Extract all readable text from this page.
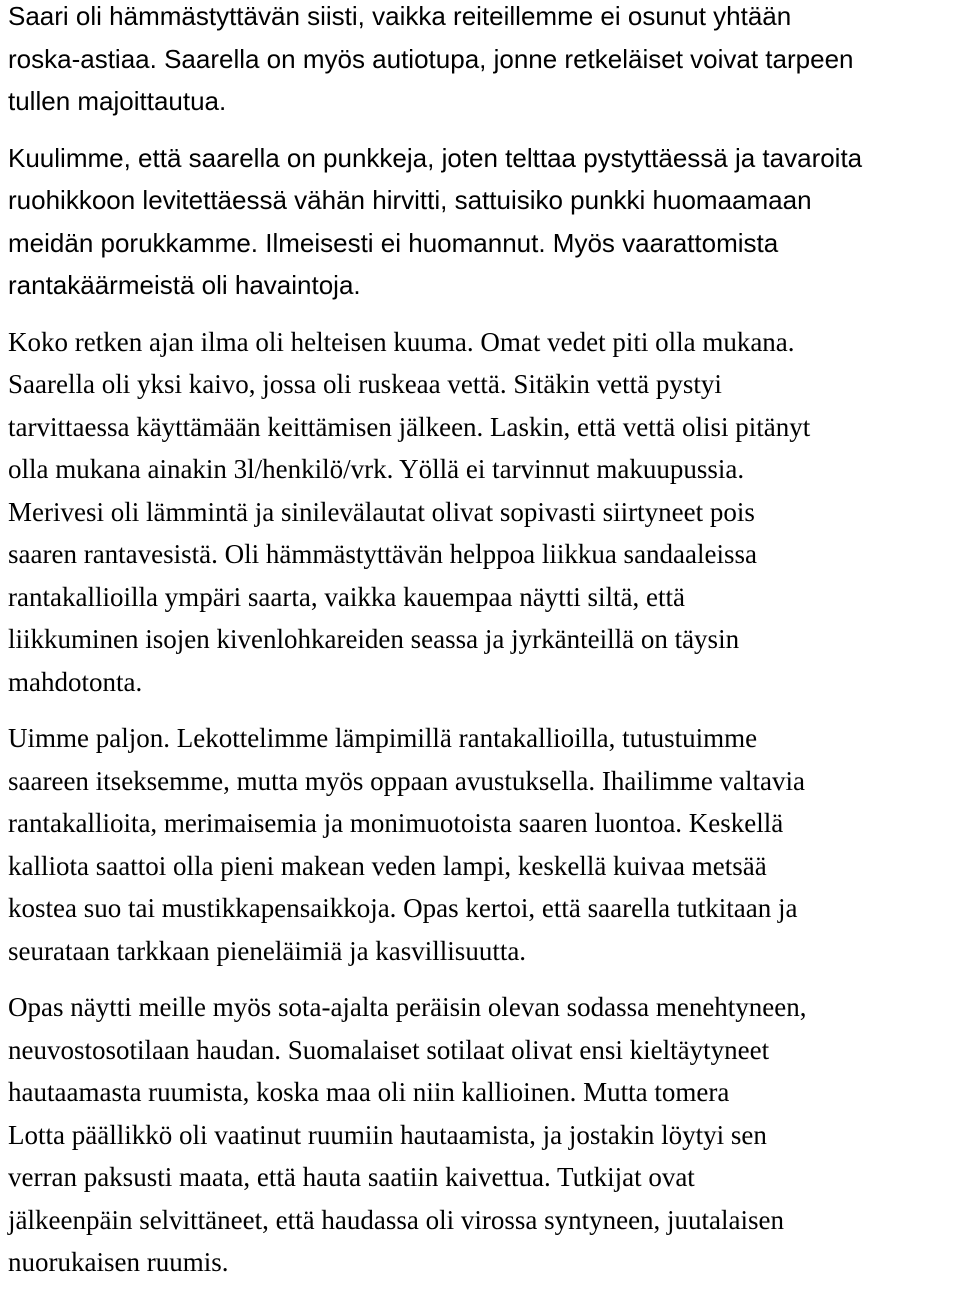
Saari oli hämmästyttävän siisti, vaikka reiteillemme ei osunut yhtään
roska-astiaa. Saarella on myös autiotupa, jonne retkeläiset voivat tarpeen
tullen majoittautua.
Kuulimme, että saarella on punkkeja, joten telttaa pystyttäessä ja tavaroita
ruohikkoon levitettäessä vähän hirvitti, sattuisiko punkki huomaamaan
meidän porukkamme. Ilmeisesti ei huomannut. Myös vaarattomista
rantakäärmeistä oli havaintoja.
Koko retken ajan ilma oli helteisen kuuma. Omat vedet piti olla mukana.
Saarella oli yksi kaivo, jossa oli ruskeaa vettä. Sitäkin vettä pystyi
tarvittaessa käyttämään keittämisen jälkeen. Laskin, että vettä olisi pitänyt
olla mukana ainakin 3l/henkilö/vrk. Yöllä ei tarvinnut makuupussia.
Merivesi oli lämmintä ja sinilevälautat olivat sopivasti siirtyneet pois
saaren rantavesistä. Oli hämmästyttävän helppoa liikkua sandaaleissa
rantakallioilla ympäri saarta, vaikka kauempaa näytti siltä, että
liikkuminen isojen kivenlohkareiden seassa ja jyrkänteillä on täysin
mahdotonta.
Uimme paljon. Lekottelimme lämpimillä rantakallioilla, tutustuimme
saareen itseksemme, mutta myös oppaan avustuksella. Ihailimme valtavia
rantakallioita, merimaisemia ja monimuotoista saaren luontoa. Keskellä
kalliota saattoi olla pieni makean veden lampi, keskellä kuivaa metsää
kostea suo tai mustikkapensaikkoja. Opas kertoi, että saarella tutkitaan ja
seurataan tarkkaan pieneläimiä ja kasvillisuutta.
Opas näytti meille myös sota-ajalta peräisin olevan sodassa menehtyneen,
neuvostosotilaan haudan. Suomalaiset sotilaat olivat ensi kieltäytyneet
hautaamasta ruumista, koska maa oli niin kallioinen. Mutta tomera
Lotta päällikkö oli vaatinut ruumiin hautaamista, ja jostakin löytyi sen
verran paksusti maata, että hauta saatiin kaivettua. Tutkijat ovat
jälkeenpäin selvittäneet, että haudassa oli virossa syntyneen, juutalaisen
nuorukaisen ruumis.
